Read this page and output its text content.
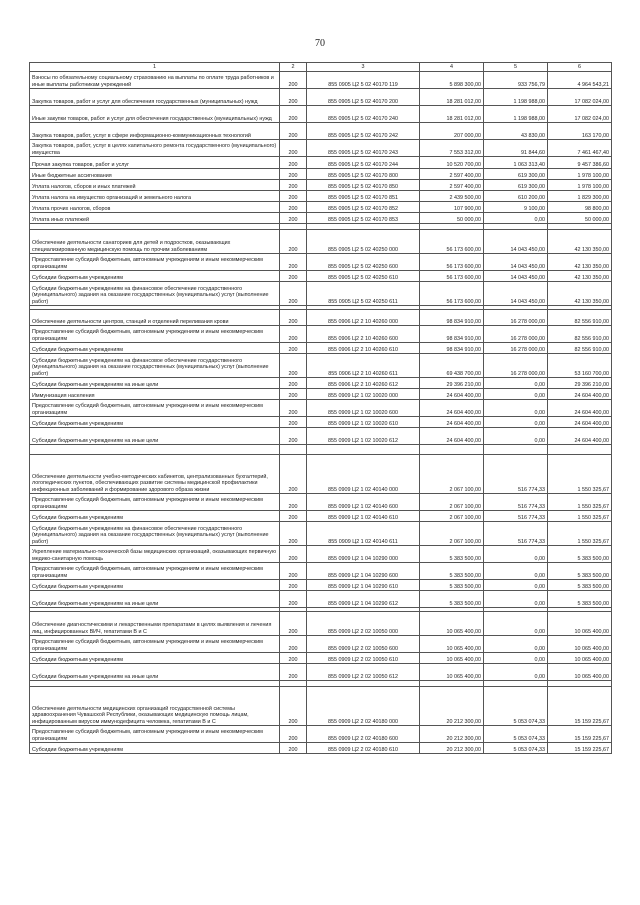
70
1	2	3	4	5	6
Взносы по обязательному социальному страхованию на выплаты по оплате труда работников и иные выплаты работникам учреждений	200	855 0905 Ц2 5 02 40170 119	5 898 300,00	933 756,79	4 964 543,21
Закупка товаров, работ и услуг для обеспечения государственных (муниципальных) нужд	200	855 0905 Ц2 5 02 40170 200	18 281 012,00	1 198 988,00	17 082 024,00
Иные закупки товаров, работ и услуг для обеспечения государственных (муниципальных) нужд	200	855 0905 Ц2 5 02 40170 240	18 281 012,00	1 198 988,00	17 082 024,00
Закупка товаров, работ, услуг в сфере информационно-коммуникационных технологий	200	855 0905 Ц2 5 02 40170 242	207 000,00	43 830,00	163 170,00
Закупка товаров, работ, услуг в целях капитального ремонта государственного (муниципального) имущества	200	855 0905 Ц2 5 02 40170 243	7 553 312,00	91 844,60	7 461 467,40
Прочая закупка товаров, работ и услуг	200	855 0905 Ц2 5 02 40170 244	10 520 700,00	1 063 313,40	9 457 386,60
Иные бюджетные ассигнования	200	855 0905 Ц2 5 02 40170 800	2 597 400,00	619 300,00	1 978 100,00
Уплата налогов, сборов и иных платежей	200	855 0905 Ц2 5 02 40170 850	2 597 400,00	619 300,00	1 978 100,00
Уплата налога на имущество организаций и земельного налога	200	855 0905 Ц2 5 02 40170 851	2 439 500,00	610 200,00	1 829 300,00
Уплата прочих налогов, сборов	200	855 0905 Ц2 5 02 40170 852	107 900,00	9 100,00	98 800,00
Уплата иных платежей	200	855 0905 Ц2 5 02 40170 853	50 000,00	0,00	50 000,00

Обеспечение деятельности санаториев для детей и подростков, оказывающих специализированную медицинскую помощь по прочим заболеваниям	200	855 0905 Ц2 5 02 40250 000	56 173 600,00	14 043 450,00	42 130 350,00
Предоставление субсидий бюджетным, автономным учреждениям и иным некоммерческим организациям	200	855 0905 Ц2 5 02 40250 600	56 173 600,00	14 043 450,00	42 130 350,00
Субсидии бюджетным учреждениям	200	855 0905 Ц2 5 02 40250 610	56 173 600,00	14 043 450,00	42 130 350,00
Субсидии бюджетным учреждениям на финансовое обеспечение государственного (муниципального) задания на оказание государственных (муниципальных) услуг (выполнение работ)	200	855 0905 Ц2 5 02 40250 611	56 173 600,00	14 043 450,00	42 130 350,00

Обеспечение деятельности центров, станций и отделений переливания крови	200	855 0906 Ц2 2 10 40260 000	98 834 910,00	16 278 000,00	82 556 910,00
Предоставление субсидий бюджетным, автономным учреждениям и иным некоммерческим организациям	200	855 0906 Ц2 2 10 40260 600	98 834 910,00	16 278 000,00	82 556 910,00
Субсидии бюджетным учреждениям	200	855 0906 Ц2 2 10 40260 610	98 834 910,00	16 278 000,00	82 556 910,00
Субсидии бюджетным учреждениям на финансовое обеспечение государственного (муниципального) задания на оказание государственных (муниципальных) услуг (выполнение работ)	200	855 0906 Ц2 2 10 40260 611	69 438 700,00	16 278 000,00	53 160 700,00
Субсидии бюджетным учреждениям на иные цели	200	855 0906 Ц2 2 10 40260 612	29 396 210,00	0,00	29 396 210,00
Иммунизация населения	200	855 0909 Ц2 1 02 10020 000	24 604 400,00	0,00	24 604 400,00
Предоставление субсидий бюджетным, автономным учреждениям и иным некоммерческим организациям	200	855 0909 Ц2 1 02 10020 600	24 604 400,00	0,00	24 604 400,00
Субсидии бюджетным учреждениям	200	855 0909 Ц2 1 02 10020 610	24 604 400,00	0,00	24 604 400,00
Субсидии бюджетным учреждениям на иные цели	200	855 0909 Ц2 1 02 10020 612	24 604 400,00	0,00	24 604 400,00

Обеспечение деятельности учебно-методических кабинетов, централизованных бухгалтерий, логопедических пунктов, обеспечивающих развитие системы медицинской профилактики инфекционных заболеваний и формирование здорового образа жизни	200	855 0909 Ц2 1 02 40140 000	2 067 100,00	516 774,33	1 550 325,67
Предоставление субсидий бюджетным, автономным учреждениям и иным некоммерческим организациям	200	855 0909 Ц2 1 02 40140 600	2 067 100,00	516 774,33	1 550 325,67
Субсидии бюджетным учреждениям	200	855 0909 Ц2 1 02 40140 610	2 067 100,00	516 774,33	1 550 325,67
Субсидии бюджетным учреждениям на финансовое обеспечение государственного (муниципального) задания на оказание государственных (муниципальных) услуг (выполнение работ)	200	855 0909 Ц2 1 02 40140 611	2 067 100,00	516 774,33	1 550 325,67
Укрепление материально-технической базы медицинских организаций, оказывающих первичную медико-санитарную помощь	200	855 0909 Ц2 1 04 10290 000	5 383 500,00	0,00	5 383 500,00
Предоставление субсидий бюджетным, автономным учреждениям и иным некоммерческим организациям	200	855 0909 Ц2 1 04 10290 600	5 383 500,00	0,00	5 383 500,00
Субсидии бюджетным учреждениям	200	855 0909 Ц2 1 04 10290 610	5 383 500,00	0,00	5 383 500,00
Субсидии бюджетным учреждениям на иные цели	200	855 0909 Ц2 1 04 10290 612	5 383 500,00	0,00	5 383 500,00

Обеспечение диагностическими и лекарственными препаратами в целях выявления и лечения лиц, инфицированных ВИЧ, гепатитами В и С	200	855 0909 Ц2 2 02 10050 000	10 065 400,00	0,00	10 065 400,00
Предоставление субсидий бюджетным, автономным учреждениям и иным некоммерческим организациям	200	855 0909 Ц2 2 02 10050 600	10 065 400,00	0,00	10 065 400,00
Субсидии бюджетным учреждениям	200	855 0909 Ц2 2 02 10050 610	10 065 400,00	0,00	10 065 400,00
Субсидии бюджетным учреждениям на иные цели	200	855 0909 Ц2 2 02 10050 612	10 065 400,00	0,00	10 065 400,00

Обеспечение деятельности медицинских организаций государственной системы здравоохранения Чувашской Республики, оказывающих медицинскую помощь лицам, инфицированным вирусом иммунодефицита человека, гепатитами В и С	200	855 0909 Ц2 2 02 40180 000	20 212 300,00	5 053 074,33	15 159 225,67
Предоставление субсидий бюджетным, автономным учреждениям и иным некоммерческим организациям	200	855 0909 Ц2 2 02 40180 600	20 212 300,00	5 053 074,33	15 159 225,67
Субсидии бюджетным учреждениям	200	855 0909 Ц2 2 02 40180 610	20 212 300,00	5 053 074,33	15 159 225,67
